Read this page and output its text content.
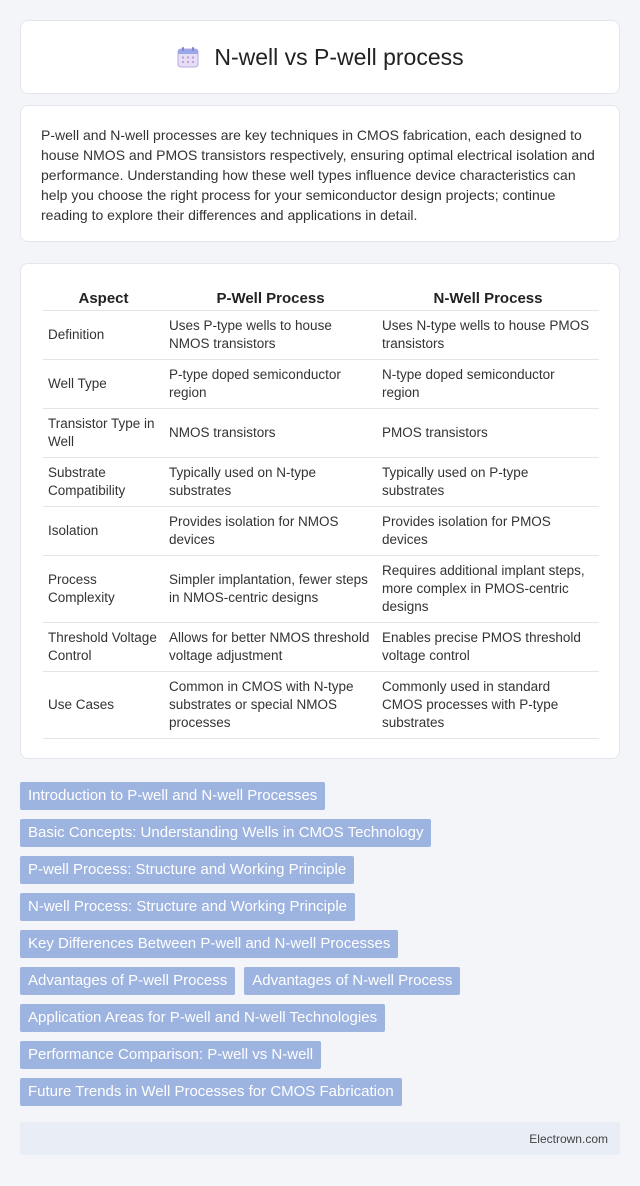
N-well vs P-well process

P-well and N-well processes are key techniques in CMOS fabrication, each designed to house NMOS and PMOS transistors respectively, ensuring optimal electrical isolation and performance. Understanding how these well types influence device characteristics can help you choose the right process for your semiconductor design projects; continue reading to explore their differences and applications in detail.

Aspect	P-Well Process	N-Well Process
Definition	Uses P-type wells to house NMOS transistors	Uses N-type wells to house PMOS transistors
Well Type	P-type doped semiconductor region	N-type doped semiconductor region
Transistor Type in Well	NMOS transistors	PMOS transistors
Substrate Compatibility	Typically used on N-type substrates	Typically used on P-type substrates
Isolation	Provides isolation for NMOS devices	Provides isolation for PMOS devices
Process Complexity	Simpler implantation, fewer steps in NMOS-centric designs	Requires additional implant steps, more complex in PMOS-centric designs
Threshold Voltage Control	Allows for better NMOS threshold voltage adjustment	Enables precise PMOS threshold voltage control
Use Cases	Common in CMOS with N-type substrates or special NMOS processes	Commonly used in standard CMOS processes with P-type substrates
Introduction to P-well and N-well Processes
Basic Concepts: Understanding Wells in CMOS Technology
P-well Process: Structure and Working Principle
N-well Process: Structure and Working Principle
Key Differences Between P-well and N-well Processes
Advantages of P-well Process	Advantages of N-well Process
Application Areas for P-well and N-well Technologies
Performance Comparison: P-well vs N-well
Future Trends in Well Processes for CMOS Fabrication
Electrown.com
